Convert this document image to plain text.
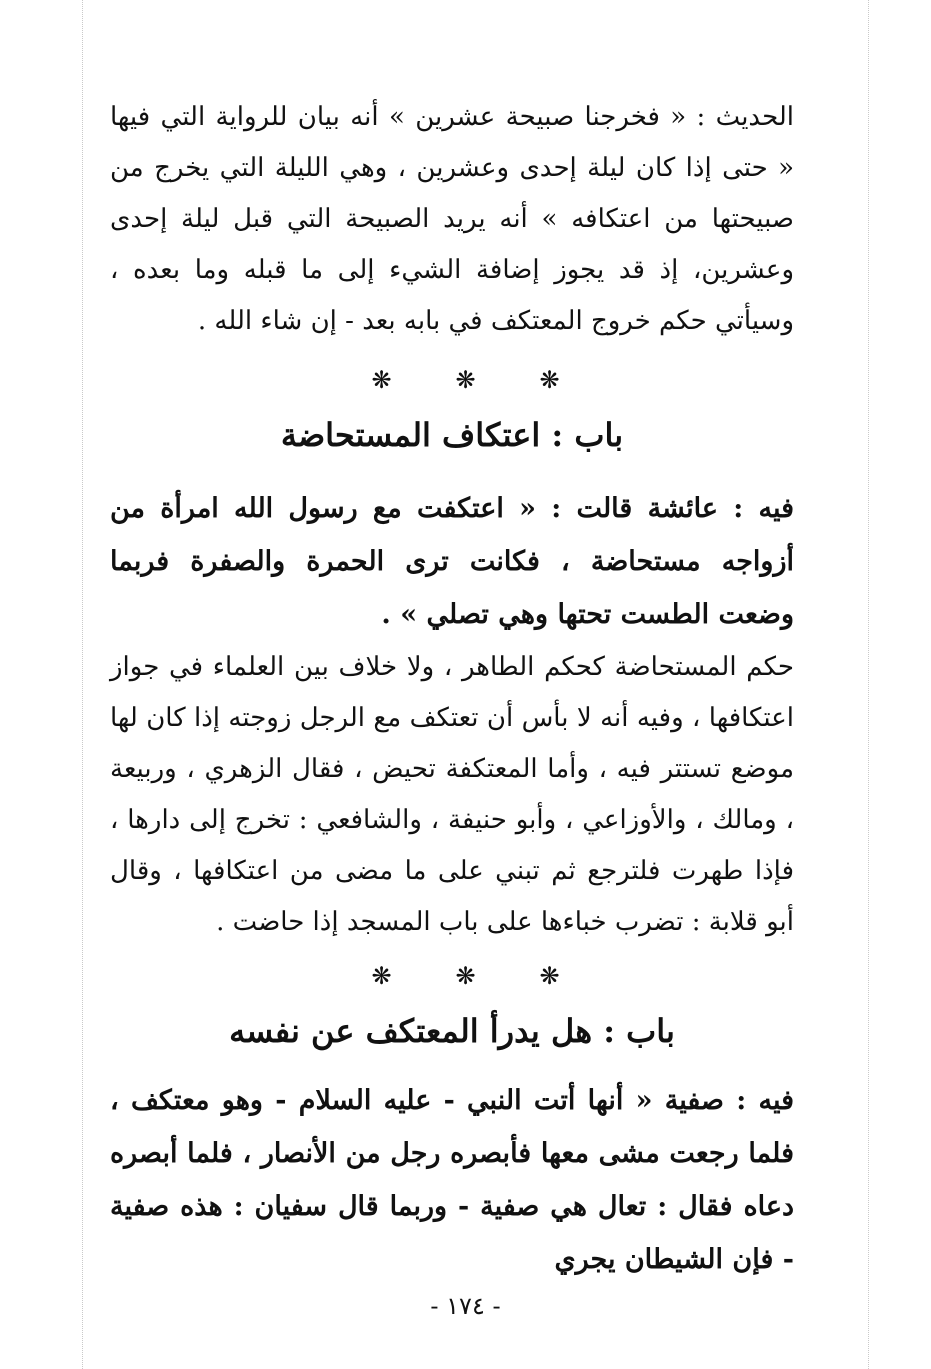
الحديث : « فخرجنا صبيحة عشرين » أنه بيان للرواية التي فيها « حتى إذا كان ليلة إحدى وعشرين ، وهي الليلة التي يخرج من صبيحتها من اعتكافه » أنه يريد الصبيحة التي قبل ليلة إحدى وعشرين، إذ قد يجوز إضافة الشيء إلى ما قبله وما بعده ، وسيأتي حكم خروج المعتكف في بابه بعد - إن شاء الله .

❋	❋	❋
باب : اعتكاف المستحاضة

فيه : عائشة قالت : « اعتكفت مع رسول الله امرأة من أزواجه مستحاضة ، فكانت ترى الحمرة والصفرة فربما وضعت الطست تحتها وهي تصلي » .

حكم المستحاضة كحكم الطاهر ، ولا خلاف بين العلماء في جواز اعتكافها ، وفيه أنه لا بأس أن تعتكف مع الرجل زوجته إذا كان لها موضع تستتر فيه ، وأما المعتكفة تحيض ، فقال الزهري ، وربيعة ، ومالك ، والأوزاعي ، وأبو حنيفة ، والشافعي : تخرج إلى دارها ، فإذا طهرت فلترجع ثم تبني على ما مضى من اعتكافها ، وقال أبو قلابة : تضرب خباءها على باب المسجد إذا حاضت .

❋	❋	❋
باب : هل يدرأ المعتكف عن نفسه

فيه : صفية « أنها أتت النبي - عليه السلام - وهو معتكف ، فلما رجعت مشى معها فأبصره رجل من الأنصار ، فلما أبصره دعاه فقال : تعال هي صفية - وربما قال سفيان : هذه صفية - فإن الشيطان يجري

- ١٧٤ -
